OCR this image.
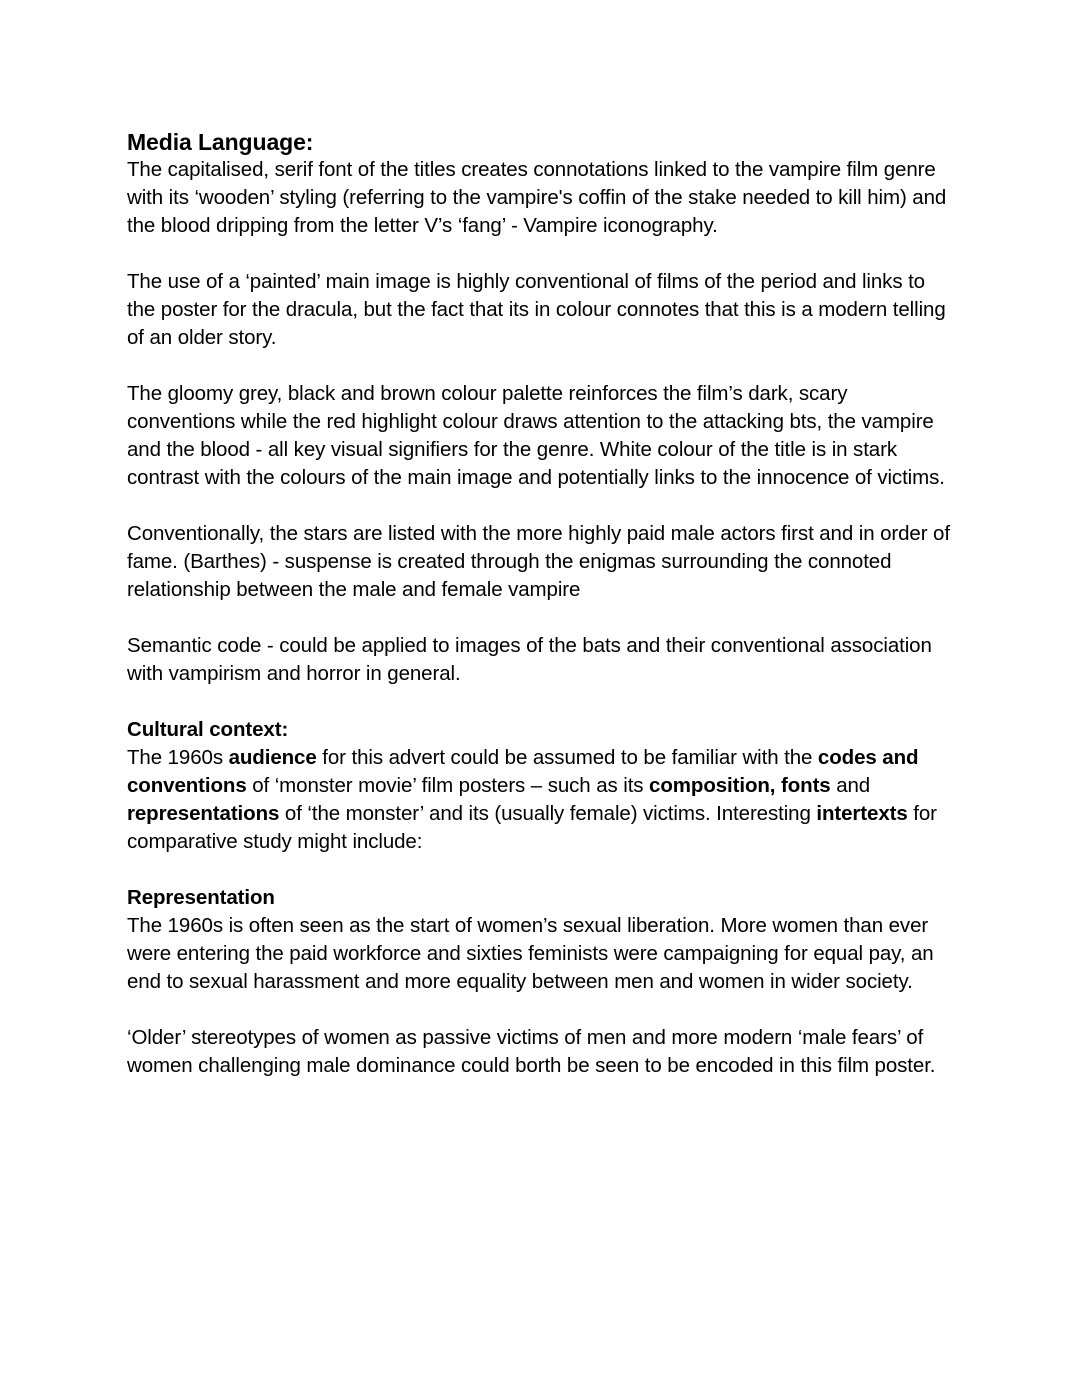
Media Language:

The capitalised, serif font of the titles creates connotations linked to the vampire film genre with its ‘wooden’ styling (referring to the vampire's coffin of the stake needed to kill him) and the blood dripping from the letter V’s ‘fang’ - Vampire iconography.

The use of a ‘painted’ main image is highly conventional of films of the period and links to the poster for the dracula, but the fact that its in colour connotes that this is a modern telling of an older story.

The gloomy grey, black and brown colour palette reinforces the film’s dark, scary conventions while the red highlight colour draws attention to the attacking bts, the vampire and the blood - all key visual signifiers for the genre. White colour of the title is in stark contrast with the colours of the main image and potentially links to the innocence of victims.

Conventionally, the stars are listed with the more highly paid male actors first and in order of fame. (Barthes) - suspense is created through the enigmas surrounding the connoted relationship between the male and female vampire

Semantic code - could be applied to images of the bats and their conventional association with vampirism and horror in general.

Cultural context:

The 1960s audience for this advert could be assumed to be familiar with the codes and conventions of ‘monster movie’ film posters – such as its composition, fonts and representations of ‘the monster’ and its (usually female) victims. Interesting intertexts for comparative study might include:

Representation

The 1960s is often seen as the start of women’s sexual liberation. More women than ever were entering the paid workforce and sixties feminists were campaigning for equal pay, an end to sexual harassment and more equality between men and women in wider society.

‘Older’ stereotypes of women as passive victims of men and more modern ‘male fears’ of women challenging male dominance could borth be seen to be encoded in this film poster.
